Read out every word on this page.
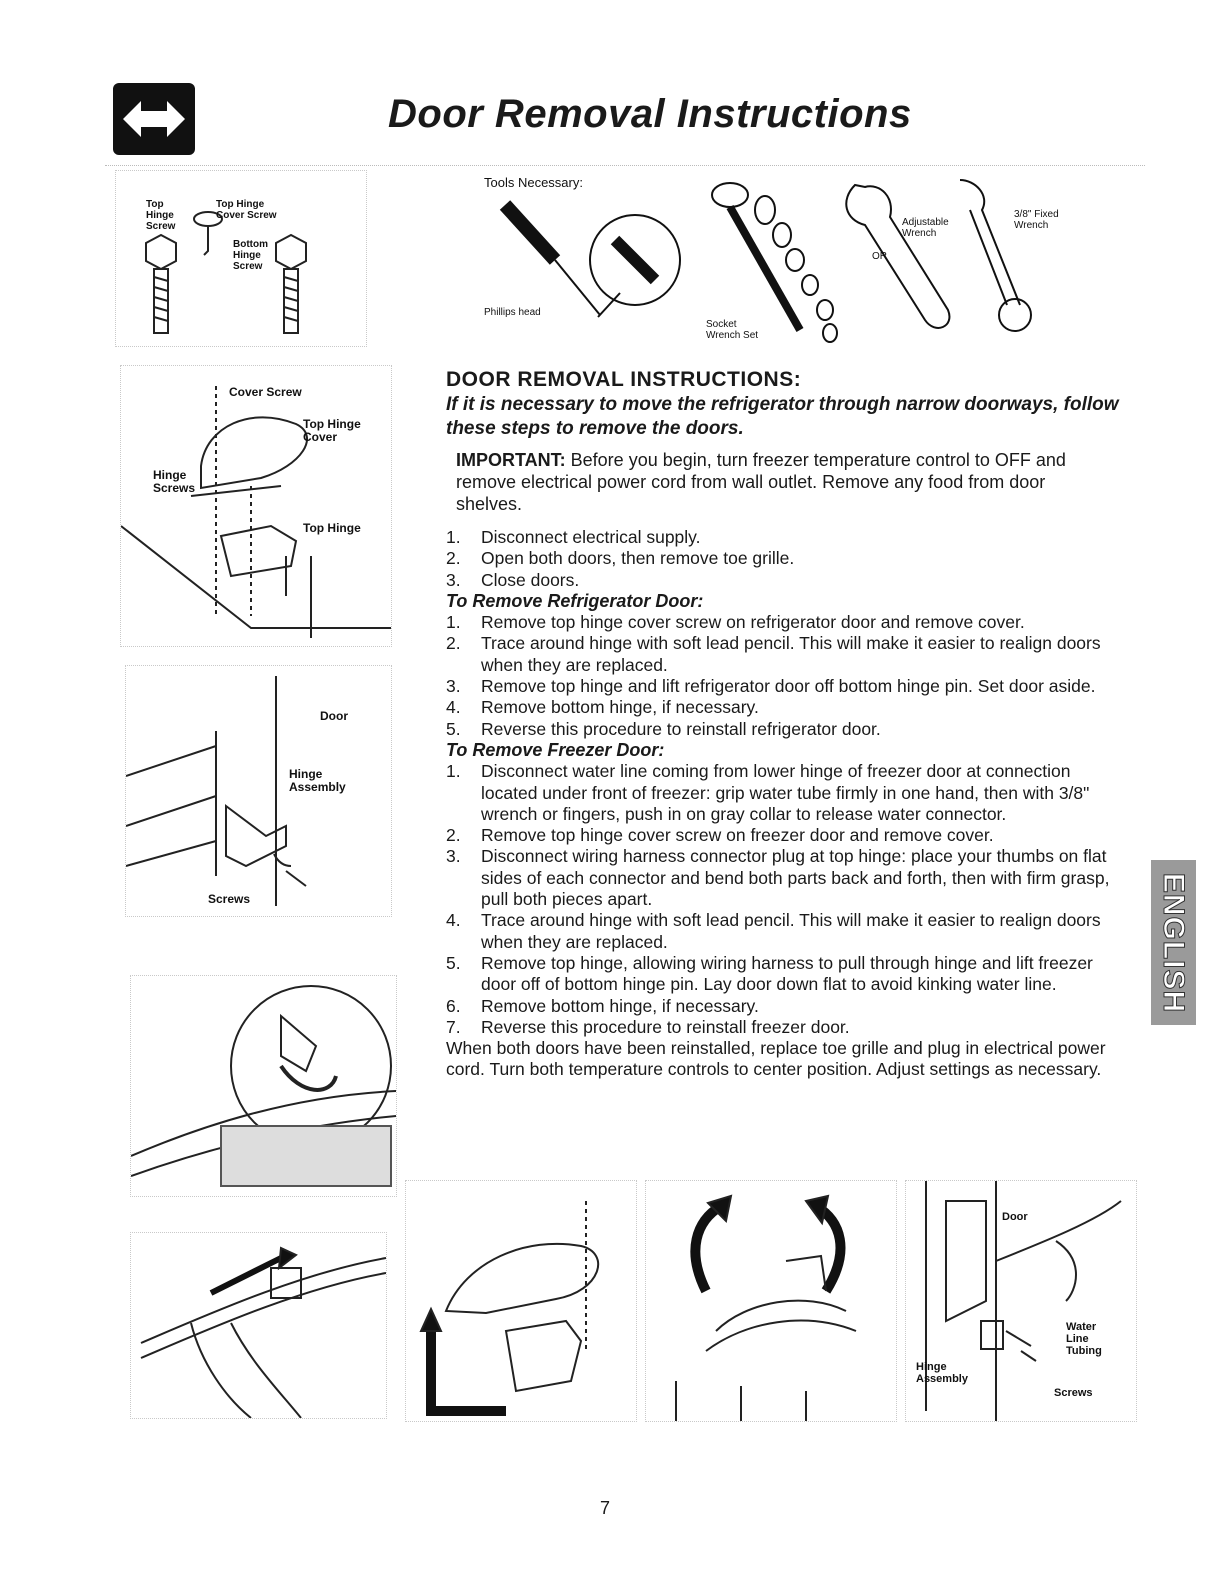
Door Removal Instructions
Top Hinge Screw
Top Hinge Cover Screw
Bottom Hinge Screw
Tools Necessary:
Phillips head
Socket Wrench Set
OR
Adjustable Wrench
3/8" Fixed Wrench
Cover Screw
Top Hinge Cover
Hinge Screws
Top Hinge
Door
Hinge Assembly
Screws
DOOR REMOVAL INSTRUCTIONS:
If it is necessary to move the refrigerator through narrow doorways, follow these steps to remove the doors.
IMPORTANT: Before you begin, turn freezer temperature control to OFF and remove electrical power cord from wall outlet. Remove any food from door shelves.
1. Disconnect electrical supply.
2. Open both doors, then remove toe grille.
3. Close doors.
To Remove Refrigerator Door:
1. Remove top hinge cover screw on refrigerator door and remove cover.
2. Trace around hinge with soft lead pencil. This will make it easier to realign doors when they are replaced.
3. Remove top hinge and lift refrigerator door off bottom hinge pin. Set door aside.
4. Remove bottom hinge, if necessary.
5. Reverse this procedure to reinstall refrigerator door.
To Remove Freezer Door:
1. Disconnect water line coming from lower hinge of freezer door at connection located under front of freezer: grip water tube firmly in one hand, then with 3/8" wrench or fingers, push in on gray collar to release water connector.
2. Remove top hinge cover screw on freezer door and remove cover.
3. Disconnect wiring harness connector plug at top hinge: place your thumbs on flat sides of each connector and bend both parts back and forth, then with firm grasp, pull both pieces apart.
4. Trace around hinge with soft lead pencil. This will make it easier to realign doors when they are replaced.
5. Remove top hinge, allowing wiring harness to pull through hinge and lift freezer door off of bottom hinge pin. Lay door down flat to avoid kinking water line.
6. Remove bottom hinge, if necessary.
7. Reverse this procedure to reinstall freezer door.

When both doors have been reinstalled, replace toe grille and plug in electrical power cord. Turn both temperature controls to center position. Adjust settings as necessary.

ENGLISH
Door
Water Line Tubing
Hinge Assembly
Screws
7
